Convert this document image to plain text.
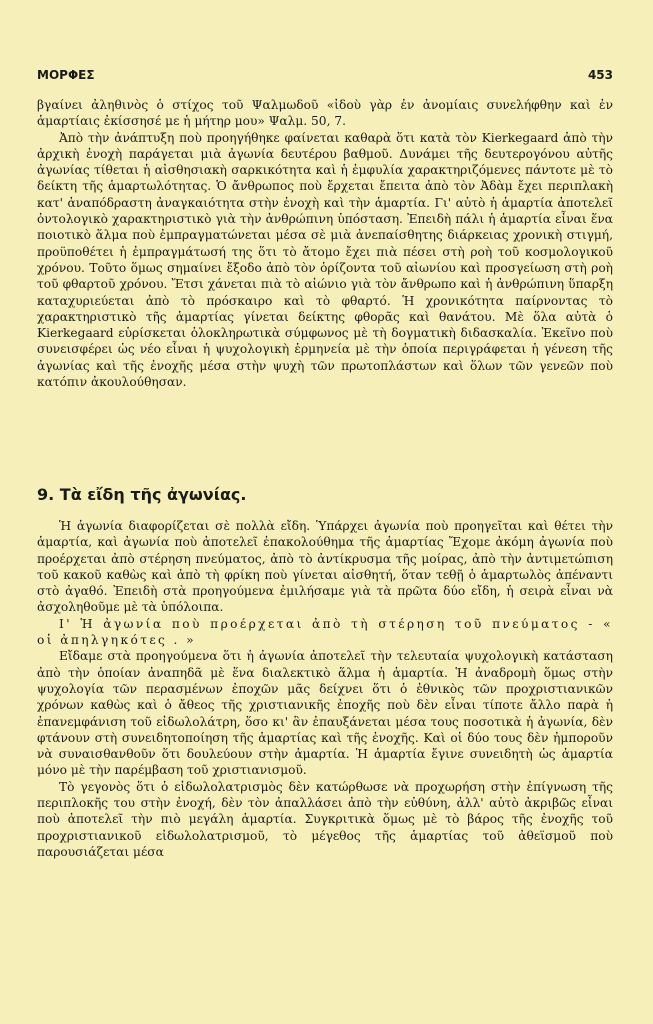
ΜΟΡΦΕΣ	453

βγαίνει ἀληθινὸς ὁ στίχος τοῦ Ψαλμωδοῦ «ἰδοὺ γὰρ ἐν ἀνομίαις συνελήφθην καὶ ἐν ἁμαρτίαις ἐκίσσησέ με ἡ μήτηρ μου» Ψαλμ. 50, 7.

Ἀπὸ τὴν ἀνάπτυξη ποὺ προηγήθηκε φαίνεται καθαρὰ ὅτι κατὰ τὸν Kierkegaard ἀπὸ τὴν ἀρχικὴ ἐνοχὴ παράγεται μιὰ ἀγωνία δευτέρου βαθμοῦ. Δυνάμει τῆς δευτερογόνου αὐτῆς ἀγωνίας τίθεται ἡ αἰσθησιακὴ σαρκικότητα καὶ ἡ ἐμφυλία χαρακτηριζόμενες πάντοτε μὲ τὸ δείκτη τῆς ἁμαρτωλότητας. Ὁ ἄνθρωπος ποὺ ἔρχεται ἔπειτα ἀπὸ τὸν Ἀδὰμ ἔχει περιπλακὴ κατ' ἀναπόδραστη ἀναγκαιότητα στὴν ἐνοχὴ καὶ τὴν ἁμαρτία. Γι' αὐτὸ ἡ ἁμαρτία ἀποτελεῖ ὀντολογικὸ χαρακτηριστικὸ γιὰ τὴν ἀνθρώπινη ὑπόσταση. Ἐπειδὴ πάλι ἡ ἁμαρτία εἶναι ἕνα ποιοτικὸ ἅλμα ποὺ ἐμπραγματώνεται μέσα σὲ μιὰ ἀνεπαίσθητης διάρκειας χρονικὴ στιγμή, προϋποθέτει ἡ ἐμπραγμάτωσή της ὅτι τὸ ἄτομο ἔχει πιὰ πέσει στὴ ροὴ τοῦ κοσμολογικοῦ χρόνου. Τοῦτο ὅμως σημαίνει ἔξοδο ἀπὸ τὸν ὁρίζοντα τοῦ αἰωνίου καὶ προσγείωση στὴ ροὴ τοῦ φθαρτοῦ χρόνου. Ἔτσι χάνεται πιὰ τὸ αἰώνιο γιὰ τὸν ἄνθρωπο καὶ ἡ ἀνθρώπινη ὕπαρξη καταχυριεύεται ἀπὸ τὸ πρόσκαιρο καὶ τὸ φθαρτό. Ἡ χρονικότητα παίρνοντας τὸ χαρακτηριστικὸ τῆς ἁμαρτίας γίνεται δείκτης φθορᾶς καὶ θανάτου. Μὲ ὅλα αὐτὰ ὁ Kierkegaard εὑρίσκεται ὁλοκληρωτικὰ σύμφωνος μὲ τὴ δογματικὴ διδασκαλία. Ἐκεῖνο ποὺ συνεισφέρει ὡς νέο εἶναι ἡ ψυχολογικὴ ἑρμηνεία μὲ τὴν ὁποία περιγράφεται ἡ γένεση τῆς ἀγωνίας καὶ τῆς ἐνοχῆς μέσα στὴν ψυχὴ τῶν πρωτοπλάστων καὶ ὅλων τῶν γενεῶν ποὺ κατόπιν ἀκουλούθησαν.

9. Τὰ εἴδη τῆς ἀγωνίας.

Ἡ ἀγωνία διαφορίζεται σὲ πολλὰ εἴδη. Ὑπάρχει ἀγωνία ποὺ προηγεῖται καὶ θέτει τὴν ἁμαρτία, καὶ ἀγωνία ποὺ ἀποτελεῖ ἐπακολούθημα τῆς ἁμαρτίας Ἔχομε ἀκόμη ἀγωνία ποὺ προέρχεται ἀπὸ στέρηση πνεύματος, ἀπὸ τὸ ἀντίκρυσμα τῆς μοίρας, ἀπὸ τὴν ἀντιμετώπιση τοῦ κακοῦ καθὼς καὶ ἀπὸ τὴ φρίκη ποὺ γίνεται αἰσθητή, ὅταν τεθῇ ὁ ἁμαρτωλὸς ἀπέναντι στὸ ἀγαθό. Ἐπειδὴ στὰ προηγούμενα ἐμιλήσαμε γιὰ τὰ πρῶτα δύο εἴδη, ἡ σειρὰ εἶναι νὰ ἀσχοληθοῦμε μὲ τὰ ὑπόλοιπα.

Ι' Ἡ ἀγωνία ποὺ προέρχεται ἀπὸ τὴ στέρηση τοῦ πνεύματος - « οἱ ἀπηλγηκότες . »

Εἴδαμε στὰ προηγούμενα ὅτι ἡ ἀγωνία ἀποτελεῖ τὴν τελευταία ψυχολογικὴ κατάσταση ἀπὸ τὴν ὁποίαν ἀναπηδᾶ μὲ ἕνα διαλεκτικὸ ἅλμα ἡ ἁμαρτία. Ἡ ἀναδρομὴ ὅμως στὴν ψυχολογία τῶν περασμένων ἐποχῶν μᾶς δείχνει ὅτι ὁ ἐθνικὸς τῶν προχριστιανικῶν χρόνων καθὼς καὶ ὁ ἄθεος τῆς χριστιανικῆς ἐποχῆς ποὺ δὲν εἶναι τίποτε ἄλλο παρὰ ἡ ἐπανεμφάνιση τοῦ εἰδωλολάτρη, ὅσο κι' ἂν ἐπαυξάνεται μέσα τους ποσοτικὰ ἡ ἀγωνία, δὲν φτάνουν στὴ συνειδητοποίηση τῆς ἁμαρτίας καὶ τῆς ἐνοχῆς. Καὶ οἱ δύο τους δὲν ἠμποροῦν νὰ συναισθανθοῦν ὅτι δουλεύουν στὴν ἁμαρτία. Ἡ ἁμαρτία ἔγινε συνειδητὴ ὡς ἁμαρτία μόνο μὲ τὴν παρέμβαση τοῦ χριστιανισμοῦ.

Τὸ γεγονὸς ὅτι ὁ εἰδωλολατρισμὸς δὲν κατώρθωσε νὰ προχωρήση στὴν ἐπίγνωση τῆς περιπλοκῆς του στὴν ἐνοχή, δὲν τὸν ἀπαλλάσει ἀπὸ τὴν εὐθύνη, ἀλλ' αὐτὸ ἀκριβῶς εἶναι ποὺ ἀποτελεῖ τὴν πιὸ μεγάλη ἁμαρτία. Συγκριτικὰ ὅμως μὲ τὸ βάρος τῆς ἐνοχῆς τοῦ προχριστιανικοῦ εἰδωλολατρισμοῦ, τὸ μέγεθος τῆς ἁμαρτίας τοῦ ἀθεϊσμοῦ ποὺ παρουσιάζεται μέσα
